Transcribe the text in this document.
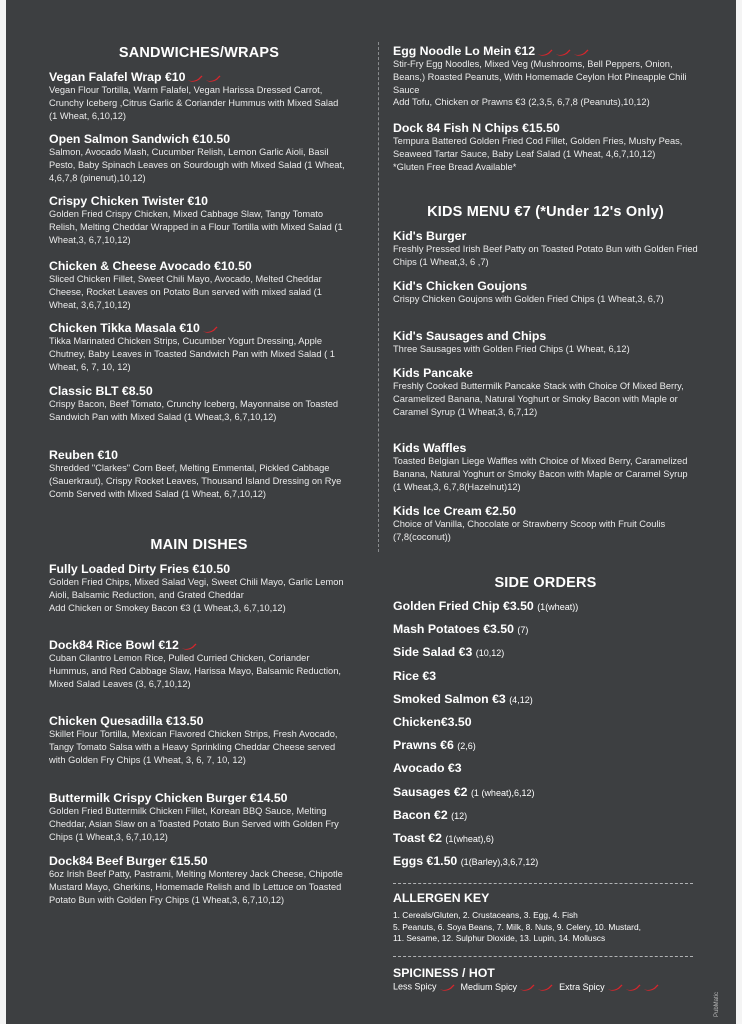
SANDWICHES/WRAPS
Vegan Falafel Wrap €10
Vegan Flour Tortilla, Warm Falafel, Vegan Harissa Dressed Carrot, Crunchy Iceberg ,Citrus Garlic & Coriander Hummus with Mixed Salad (1 Wheat, 6,10,12)
Open Salmon Sandwich €10.50
Salmon, Avocado Mash, Cucumber Relish, Lemon Garlic Aioli, Basil Pesto, Baby Spinach Leaves on Sourdough with Mixed Salad (1 Wheat, 4,6,7,8 (pinenut),10,12)
Crispy Chicken Twister €10
Golden Fried Crispy Chicken, Mixed Cabbage Slaw, Tangy Tomato Relish, Melting Cheddar Wrapped in a Flour Tortilla with Mixed Salad (1 Wheat,3, 6,7,10,12)
Chicken & Cheese Avocado €10.50
Sliced Chicken Fillet, Sweet Chili Mayo, Avocado, Melted Cheddar Cheese, Rocket Leaves on Potato Bun served with mixed salad (1 Wheat, 3,6,7,10,12)
Chicken Tikka Masala €10
Tikka Marinated Chicken Strips, Cucumber Yogurt Dressing, Apple Chutney, Baby Leaves in Toasted Sandwich Pan with Mixed Salad ( 1 Wheat, 6, 7, 10, 12)
Classic BLT €8.50
Crispy Bacon, Beef Tomato, Crunchy Iceberg, Mayonnaise on Toasted Sandwich Pan with Mixed Salad (1 Wheat,3, 6,7,10,12)
Reuben €10
Shredded "Clarkes" Corn Beef, Melting Emmental, Pickled Cabbage (Sauerkraut), Crispy Rocket Leaves, Thousand Island Dressing on Rye Comb Served with Mixed Salad (1 Wheat, 6,7,10,12)
MAIN DISHES
Fully Loaded Dirty Fries €10.50
Golden Fried Chips, Mixed Salad Vegi, Sweet Chili Mayo, Garlic Lemon Aioli, Balsamic Reduction, and Grated Cheddar
Add Chicken or Smokey Bacon €3 (1 Wheat,3, 6,7,10,12)
Dock84 Rice Bowl €12
Cuban Cilantro Lemon Rice, Pulled Curried Chicken, Coriander Hummus, and Red Cabbage Slaw, Harissa Mayo, Balsamic Reduction, Mixed Salad Leaves (3, 6,7,10,12)
Chicken Quesadilla €13.50
Skillet Flour Tortilla, Mexican Flavored Chicken Strips, Fresh Avocado, Tangy Tomato Salsa with a Heavy Sprinkling Cheddar Cheese served with Golden Fry Chips (1 Wheat, 3, 6, 7, 10, 12)
Buttermilk Crispy Chicken Burger €14.50
Golden Fried Buttermilk Chicken Fillet, Korean BBQ Sauce, Melting Cheddar, Asian Slaw on a Toasted Potato Bun Served with Golden Fry Chips (1 Wheat,3, 6,7,10,12)
Dock84 Beef Burger €15.50
6oz Irish Beef Patty, Pastrami, Melting Monterey Jack Cheese, Chipotle Mustard Mayo, Gherkins, Homemade Relish and Ib Lettuce on Toasted Potato Bun with Golden Fry Chips (1 Wheat,3, 6,7,10,12)
Egg Noodle Lo Mein €12
Stir-Fry Egg Noodles, Mixed Veg (Mushrooms, Bell Peppers, Onion, Beans,) Roasted Peanuts, With Homemade Ceylon Hot Pineapple Chili Sauce
Add Tofu, Chicken or Prawns €3 (2,3,5, 6,7,8 (Peanuts),10,12)
Dock 84 Fish N Chips €15.50
Tempura Battered Golden Fried Cod Fillet, Golden Fries, Mushy Peas, Seaweed Tartar Sauce, Baby Leaf Salad (1 Wheat, 4,6,7,10,12)
*Gluten Free Bread Available*
KIDS MENU €7 (*Under 12's Only)
Kid's Burger
Freshly Pressed Irish Beef Patty on Toasted Potato Bun with Golden Fried Chips (1 Wheat,3, 6 ,7)
Kid's Chicken Goujons
Crispy Chicken Goujons with Golden Fried Chips (1 Wheat,3, 6,7)
Kid's Sausages and Chips
Three Sausages with Golden Fried Chips (1 Wheat, 6,12)
Kids Pancake
Freshly Cooked Buttermilk Pancake Stack with Choice Of Mixed Berry, Caramelized Banana, Natural Yoghurt or Smoky Bacon with Maple or Caramel Syrup (1 Wheat,3, 6,7,12)
Kids Waffles
Toasted Belgian Liege Waffles with Choice of Mixed Berry, Caramelized Banana, Natural Yoghurt or Smoky Bacon with Maple or Caramel Syrup (1 Wheat,3, 6,7,8(Hazelnut)12)
Kids Ice Cream €2.50
Choice of Vanilla, Chocolate or Strawberry Scoop with Fruit Coulis (7,8(coconut))
SIDE ORDERS
Golden Fried Chip €3.50 (1(wheat))
Mash Potatoes €3.50 (7)
Side Salad €3 (10,12)
Rice €3
Smoked Salmon €3 (4,12)
Chicken€3.50
Prawns €6 (2,6)
Avocado €3
Sausages €2 (1 (wheat),6,12)
Bacon €2 (12)
Toast €2 (1(wheat),6)
Eggs €1.50 (1(Barley),3,6,7,12)
ALLERGEN KEY
1. Cereals/Gluten, 2. Crustaceans, 3. Egg, 4. Fish
5. Peanuts, 6. Soya Beans, 7. Milk, 8. Nuts, 9. Celery, 10. Mustard,
11. Sesame, 12. Sulphur Dioxide, 13. Lupin, 14. Molluscs
SPICINESS / HOT
Less Spicy	Medium Spicy	Extra Spicy
PubMatic
